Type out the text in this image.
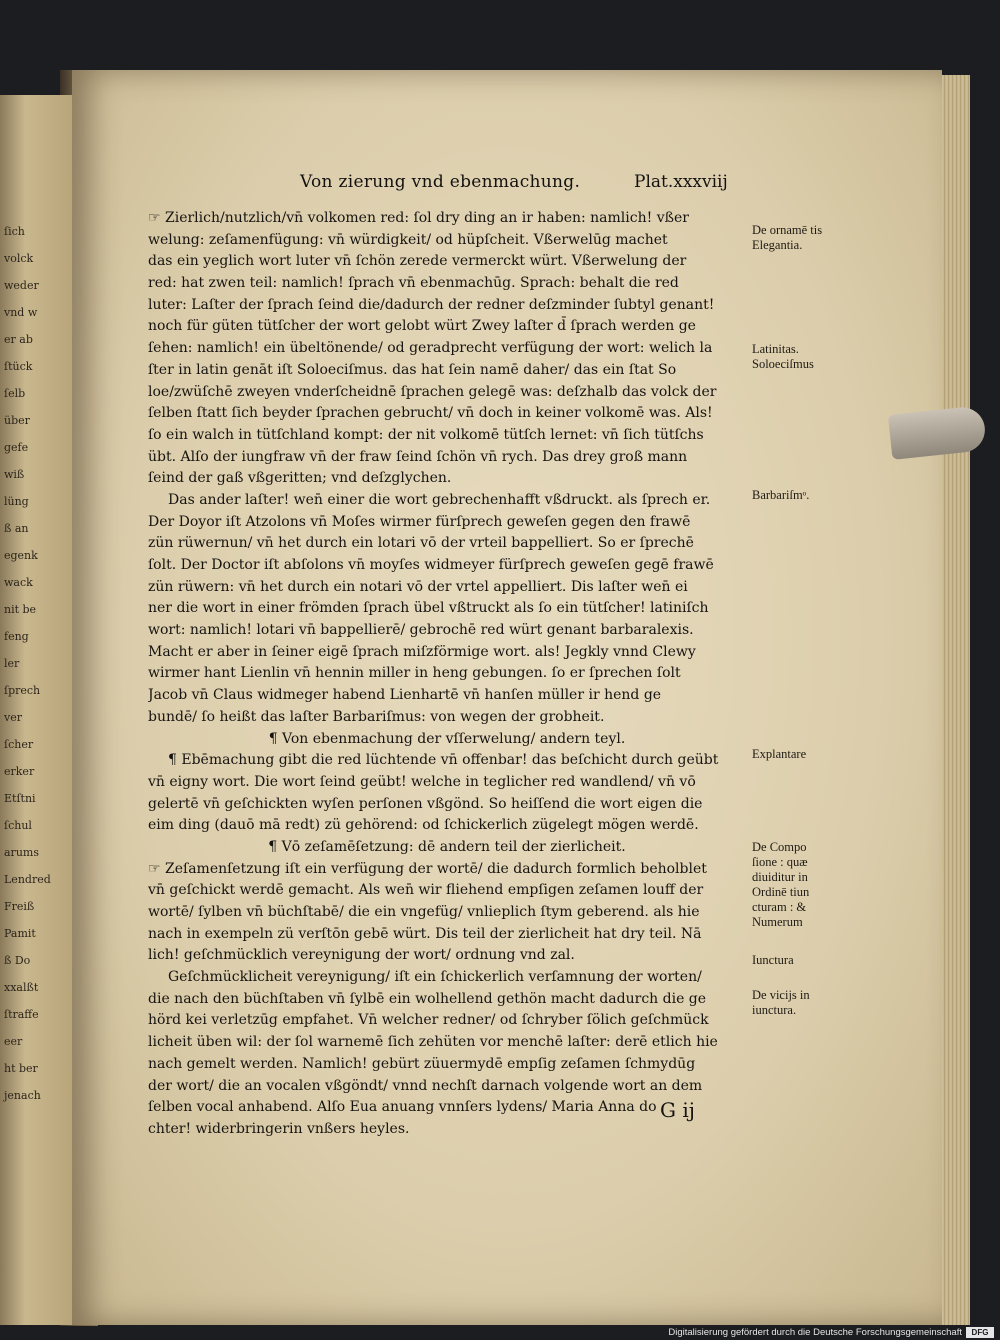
ſich
volck
weder
vnd w
er ab
ſtück
ſelb
über
gefe
wiß
lüng
ß an
egenk
wack
nit be
feng
ler
ſprech
ver
ſcher
erker
Etſtni
ſchul
arums
Lendred
Freiß
Pamit
ß Do
xxalßt
ſtraffe
eer
ht ber
jenach
Von zierung vnd ebenmachung.	Plat.xxxviij
☞ Zierlich/nutzlich/vn̄ volkomen red: ſol dry ding an ir haben: namlich! vßer
welung: zeſamenfügung: vn̄ würdigkeit/ od hüpſcheit. Vßerwelūg machet
das ein yeglich wort luter vn̄ ſchön zerede vermerckt würt. Vßerwelung der
red: hat zwen teil: namlich! ſprach vn̄ ebenmachūg. Sprach: behalt die red
luter: Laſter der ſprach ſeind die/dadurch der redner deſzminder ſubtyl genant!
noch für güten tütſcher der wort gelobt würt Zwey laſter d̄ ſprach werden ge
ſehen: namlich! ein übeltönende/ od geradprecht verfügung der wort: welich la
ſter in latin genāt iſt Soloeciſmus. das hat ſein namē daher/ das ein ſtat So
loe/zwüſchē zweyen vnderſcheidnē ſprachen gelegē was: deſzhalb das volck der
ſelben ſtatt ſich beyder ſprachen gebrucht/ vn̄ doch in keiner volkomē was. Als!
ſo ein walch in tütſchland kompt: der nit volkomē tütſch lernet: vn̄ ſich tütſchs
übt. Alſo der iungfraw vn̄ der fraw ſeind ſchön vn̄ rych. Das drey groß mann
ſeind der gaß vßgeritten; vnd deſzglychen.
Das ander laſter! wen̄ einer die wort gebrechenhafft vßdruckt. als ſprech er.
Der Doyor iſt Atzolons vn̄ Moſes wirmer fürſprech geweſen gegen den frawē
zün rüwernun/ vn̄ het durch ein lotari vō der vrteil bappelliert. So er ſprechē
ſolt. Der Doctor iſt abſolons vn̄ moyſes widmeyer fürſprech geweſen gegē frawē
zün rüwern: vn̄ het durch ein notari vō der vrtel appelliert. Dis laſter wen̄ ei
ner die wort in einer frömden ſprach übel vßtruckt als ſo ein tütſcher! latiniſch
wort: namlich! lotari vn̄ bappellierē/ gebrochē red würt genant barbaralexis.
Macht er aber in ſeiner eigē ſprach miſzförmige wort. als! Jegkly vnnd Clewy
wirmer hant Lienlin vn̄ hennin miller in heng gebungen. ſo er ſprechen ſolt
Jacob vn̄ Claus widmeger habend Lienhartē vn̄ hanſen müller ir hend ge
bundē/ ſo heißt das laſter Barbariſmus: von wegen der grobheit.
¶ Von ebenmachung der vſſerwelung/ andern teyl.
¶ Ebēmachung gibt die red lüchtende vn̄ offenbar! das beſchicht durch geübt
vn̄ eigny wort. Die wort ſeind geübt! welche in teglicher red wandlend/ vn̄ vō
gelertē vn̄ geſchickten wyſen perſonen vßgönd. So heiſſend die wort eigen die
eim ding (dauō mā redt) zü gehörend: od ſchickerlich zügelegt mögen werdē.
¶ Vō zeſamēſetzung: dē andern teil der zierlicheit.
☞ Zeſamenſetzung iſt ein verfügung der wortē/ die dadurch formlich beholblet
vn̄ geſchickt werdē gemacht. Als wen̄ wir fliehend empſigen zeſamen louff der
wortē/ ſylben vn̄ büchſtabē/ die ein vngefüg/ vnlieplich ſtym geberend. als hie
nach in exempeln zü verſtōn gebē würt. Dis teil der zierlicheit hat dry teil. Nā
lich! geſchmücklich vereynigung der wort/ ordnung vnd zal.
Geſchmücklicheit vereynigung/ iſt ein ſchickerlich verſamnung der worten/
die nach den büchſtaben vn̄ ſylbē ein wolhellend gethön macht dadurch die ge
hörd kei verletzūg empfahet. Vn̄ welcher redner/ od ſchryber ſölich geſchmück
licheit üben wil: der ſol warnemē ſich zehüten vor menchē laſter: derē etlich hie
nach gemelt werden. Namlich! gebürt züuermydē empſig zeſamen ſchmydūg
der wort/ die an vocalen vßgöndt/ vnnd nechſt darnach volgende wort an dem
ſelben vocal anhabend. Alſo Eua anuang vnnſers lydens/ Maria Anna do
chter! widerbringerin vnßers heyles.
De ornamē tis
Elegantia.
Latinitas.
Soloeciſmus
Barbariſmᵒ.
Explantare
De Compo
ſione : quæ
diuiditur in
Ordinē tiun
cturam : &
Numerum
Iunctura
De vicijs in
iunctura.
G ij
Digitalisierung gefördert durch die Deutsche Forschungsgemeinschaft	DFG
